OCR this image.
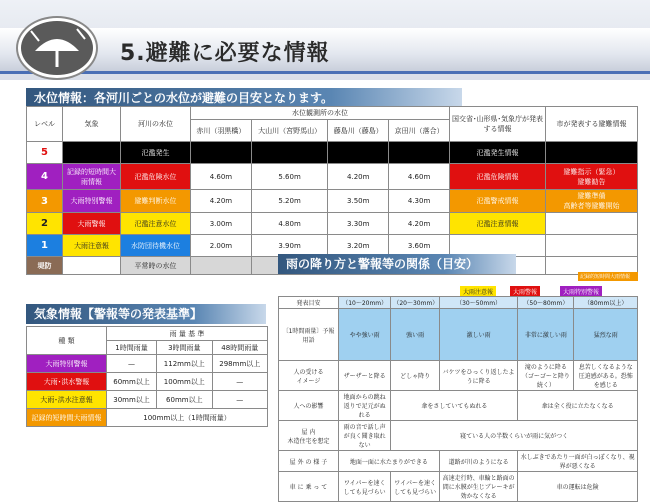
5.避難に必要な情報
水位情報：各河川ごとの水位が避難の目安となります。
レベル	気象	河川の水位	水位観測所の水位				国交省･山形県･気象庁が発表する情報	市が発表する避難情報
			赤川（羽黒橋）	大山川（宮野馬山）	藤島川（藤島）	京田川（落合）		
5		氾濫発生					氾濫発生情報	
4	記録的短時間大雨情報	氾濫危険水位	4.60m	5.60m	4.20m	4.60m	氾濫危険情報	避難指示（緊急）
避難勧告
3	大雨特別警報	避難判断水位	4.20m	5.20m	3.50m	4.30m	氾濫警戒情報	避難準備
高齢者等避難開始
2	大雨警報	氾濫注意水位	3.00m	4.80m	3.30m	4.20m	氾濫注意情報	
1	大雨注意報	水防団待機水位	2.00m	3.90m	3.20m	3.60m		
堤防		平常時の水位						
気象情報【警報等の発表基準】
種 類	雨 量 基 準		
	1時間雨量	3時間雨量	48時間雨量
大雨特別警報	—	112mm以上	298mm以上
大雨･洪水警報	60mm以上	100mm以上	—
大雨･洪水注意報	30mm以上	60mm以上	—
記録的短時間大雨情報	100mm以上（1時間雨量）		
雨の降り方と警報等の関係（目安）
大雨注意報	大雨警報	大雨特別警報
記録的短時間大雨情報
発表目安	（10〜20mm）	（20〜30mm）	（30〜50mm）	（50〜80mm）	（80mm以上）
〔1時間雨量〕予報用語	やや強い雨	強い雨	激しい雨	非常に激しい雨	猛烈な雨
人の受ける
イメージ	ザーザーと降る	どしゃ降り	バケツをひっくり返したように降る	滝のように降る（ゴーゴーと降り続く）	息苦しくなるような圧迫感がある。恐怖を感じる
人への影響	地面からの跳ね返りで足元がぬれる	傘をさしていてもぬれる		傘は全く役に立たなくなる	
屋 内
木造住宅を想定	雨の音で話し声が良く聞き取れない	寝ている人の半数くらいが雨に気がつく			
屋 外 の 様 子	地面一面に水たまりができる		道路が川のようになる	水しぶきであたり一面が白っぽくなり、視界が悪くなる	
車 に 乗 っ て	ワイパーを速くしても見づらい	ワイパーを速くしても見づらい	高速走行時、車輪と路面の間に水膜が生じブレーキが効かなくなる	車の運転は危険	
